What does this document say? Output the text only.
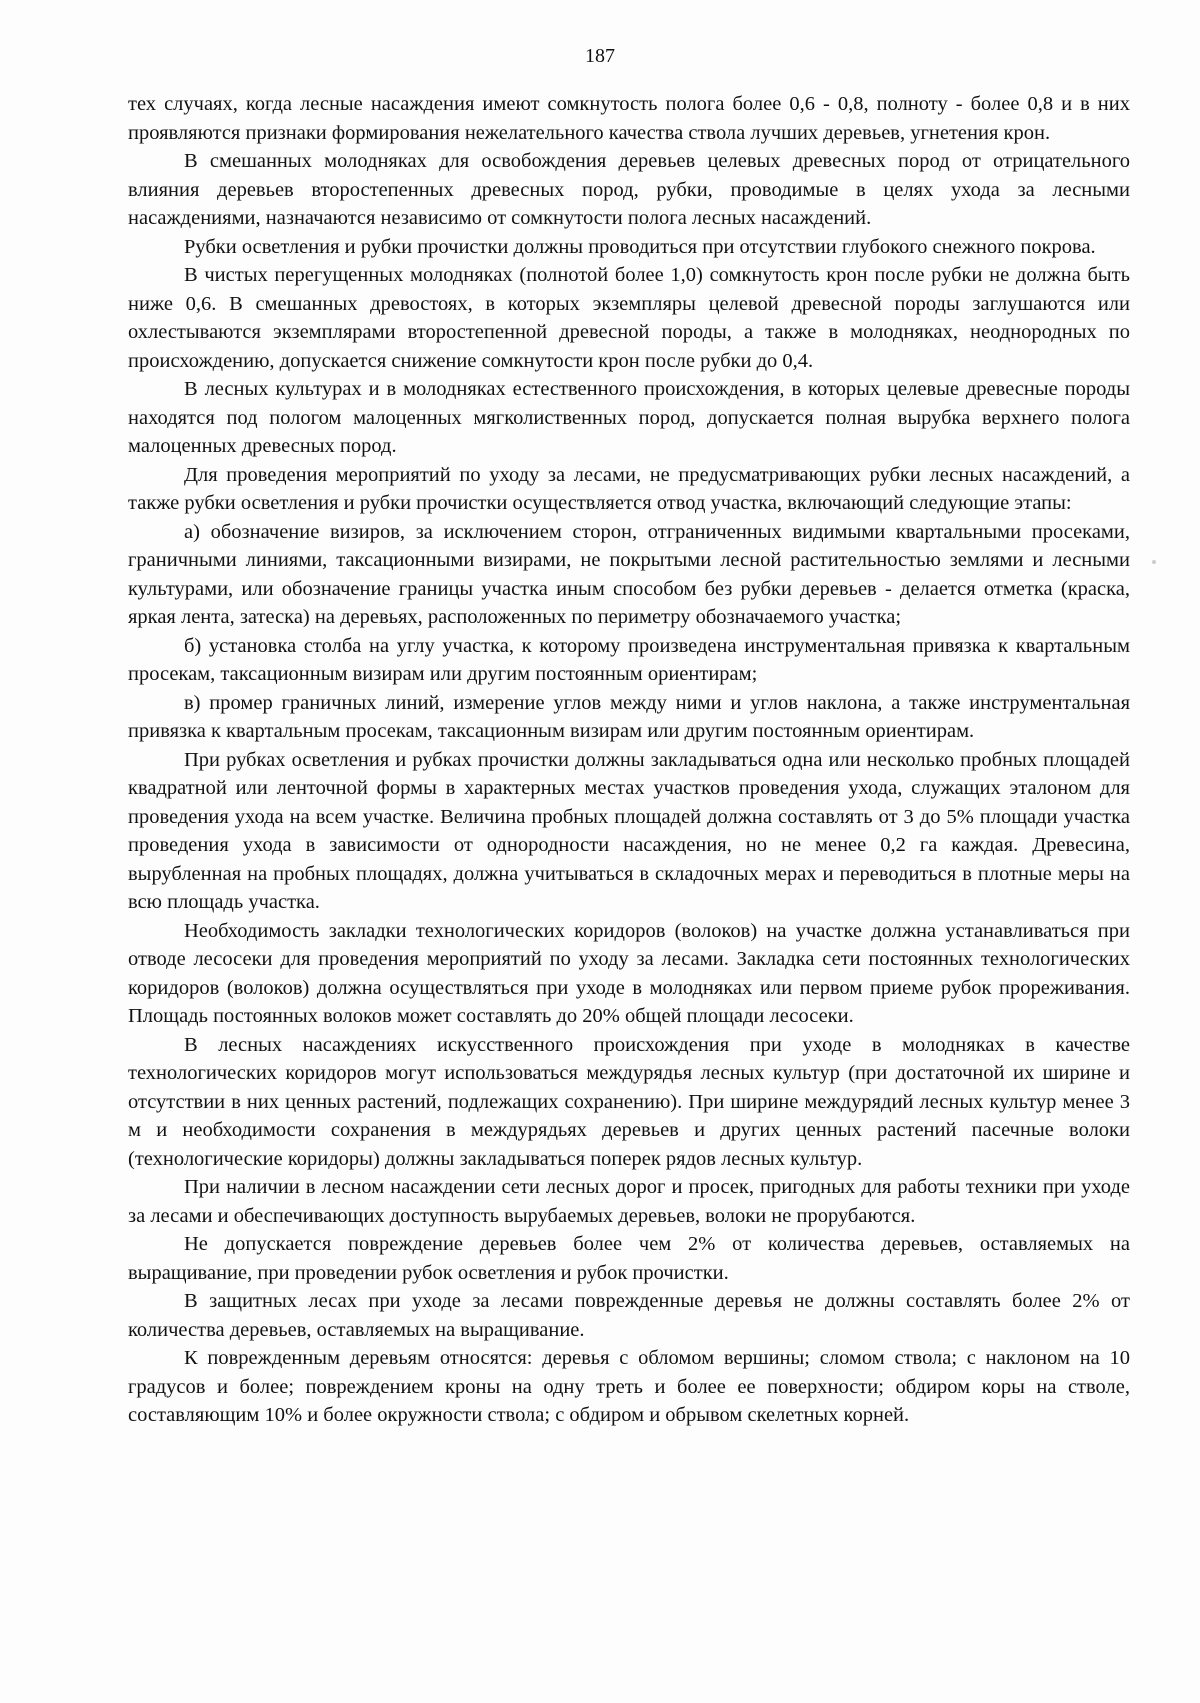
187

тех случаях, когда лесные насаждения имеют сомкнутость полога более 0,6 - 0,8, полноту - более 0,8 и в них проявляются признаки формирования нежелательного качества ствола лучших деревьев, угнетения крон.

В смешанных молодняках для освобождения деревьев целевых древесных пород от отрицательного влияния деревьев второстепенных древесных пород, рубки, проводимые в целях ухода за лесными насаждениями, назначаются независимо от сомкнутости полога лесных насаждений.

Рубки осветления и рубки прочистки должны проводиться при отсутствии глубокого снежного покрова.

В чистых перегущенных молодняках (полнотой более 1,0) сомкнутость крон после рубки не должна быть ниже 0,6. В смешанных древостоях, в которых экземпляры целевой древесной породы заглушаются или охлестываются экземплярами второстепенной древесной породы, а также в молодняках, неоднородных по происхождению, допускается снижение сомкнутости крон после рубки до 0,4.

В лесных культурах и в молодняках естественного происхождения, в которых целевые древесные породы находятся под пологом малоценных мягколиственных пород, допускается полная вырубка верхнего полога малоценных древесных пород.

Для проведения мероприятий по уходу за лесами, не предусматривающих рубки лесных насаждений, а также рубки осветления и рубки прочистки осуществляется отвод участка, включающий следующие этапы:

а) обозначение визиров, за исключением сторон, отграниченных видимыми квартальными просеками, граничными линиями, таксационными визирами, не покрытыми лесной растительностью землями и лесными культурами, или обозначение границы участка иным способом без рубки деревьев - делается отметка (краска, яркая лента, затеска) на деревьях, расположенных по периметру обозначаемого участка;

б) установка столба на углу участка, к которому произведена инструментальная привязка к квартальным просекам, таксационным визирам или другим постоянным ориентирам;

в) промер граничных линий, измерение углов между ними и углов наклона, а также инструментальная привязка к квартальным просекам, таксационным визирам или другим постоянным ориентирам.

При рубках осветления и рубках прочистки должны закладываться одна или несколько пробных площадей квадратной или ленточной формы в характерных местах участков проведения ухода, служащих эталоном для проведения ухода на всем участке. Величина пробных площадей должна составлять от 3 до 5% площади участка проведения ухода в зависимости от однородности насаждения, но не менее 0,2 га каждая. Древесина, вырубленная на пробных площадях, должна учитываться в складочных мерах и переводиться в плотные меры на всю площадь участка.

Необходимость закладки технологических коридоров (волоков) на участке должна устанавливаться при отводе лесосеки для проведения мероприятий по уходу за лесами. Закладка сети постоянных технологических коридоров (волоков) должна осуществляться при уходе в молодняках или первом приеме рубок прореживания. Площадь постоянных волоков может составлять до 20% общей площади лесосеки.

В лесных насаждениях искусственного происхождения при уходе в молодняках в качестве технологических коридоров могут использоваться междурядья лесных культур (при достаточной их ширине и отсутствии в них ценных растений, подлежащих сохранению). При ширине междурядий лесных культур менее 3 м и необходимости сохранения в междурядьях деревьев и других ценных растений пасечные волоки (технологические коридоры) должны закладываться поперек рядов лесных культур.

При наличии в лесном насаждении сети лесных дорог и просек, пригодных для работы техники при уходе за лесами и обеспечивающих доступность вырубаемых деревьев, волоки не прорубаются.

Не допускается повреждение деревьев более чем 2% от количества деревьев, оставляемых на выращивание, при проведении рубок осветления и рубок прочистки.

В защитных лесах при уходе за лесами поврежденные деревья не должны составлять более 2% от количества деревьев, оставляемых на выращивание.

К поврежденным деревьям относятся: деревья с обломом вершины; сломом ствола; с наклоном на 10 градусов и более; повреждением кроны на одну треть и более ее поверхности; обдиром коры на стволе, составляющим 10% и более окружности ствола; с обдиром и обрывом скелетных корней.
